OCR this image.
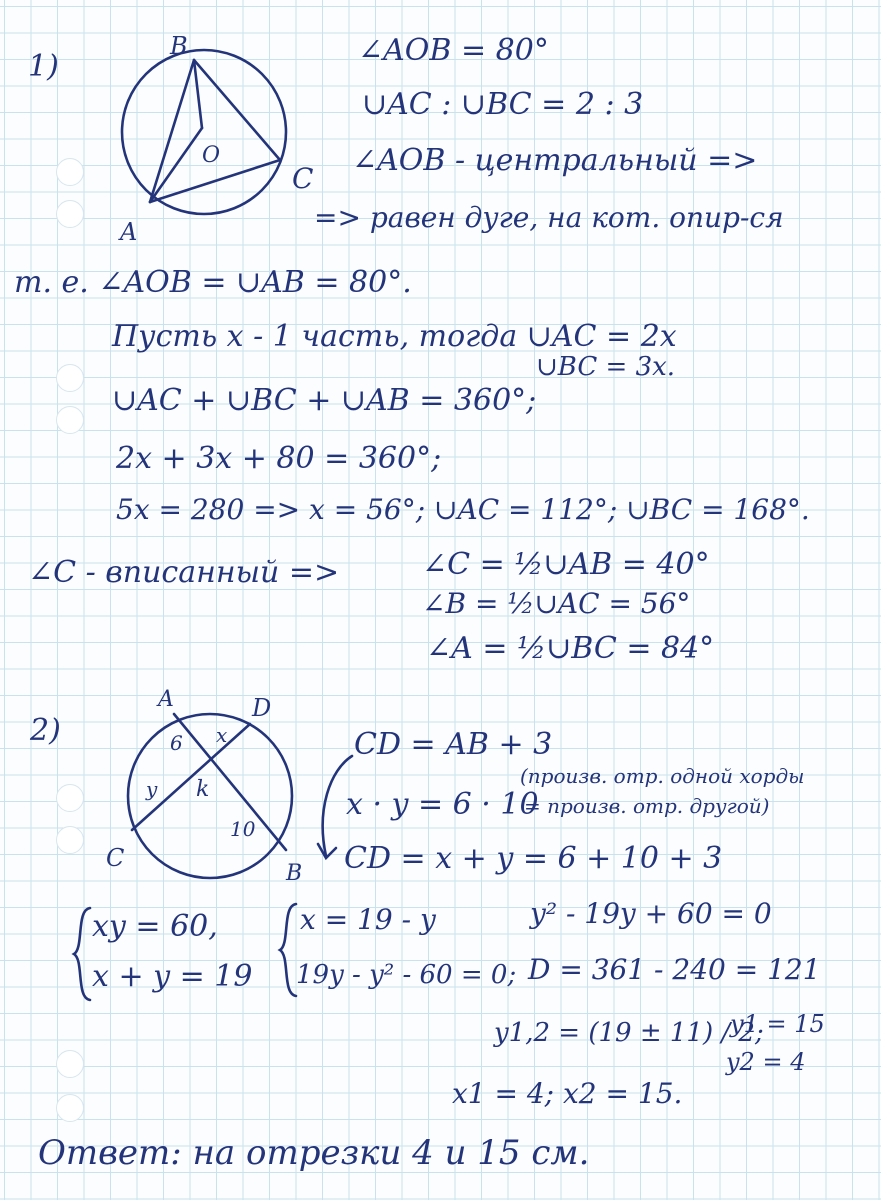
1)
B
C
A
O
∠AOB = 80°
∪AC : ∪BC = 2 : 3
∠AOB - центральный =>
=> равен дуге, на кот. опир-ся
т. е. ∠AOB = ∪AB = 80°.
Пусть x - 1 часть, тогда ∪AC = 2x
∪BC = 3x.
∪AC + ∪BC + ∪AB = 360°;
2x + 3x + 80 = 360°;
5x = 280 => x = 56°; ∪AC = 112°; ∪BC = 168°.
∠C - вписанный =>	∠C = ½∪AB = 40°
∠B = ½∪AC = 56°
∠A = ½∪BC = 84°
2)
A	D
x
6
y k
10
C
B
CD = AB + 3
x · y = 6 · 10
(произв. отр. одной хорды
= произв. отр. другой)
CD = x + y = 6 + 10 + 3
xy = 60,
x + y = 19
x = 19 - y
19y - y² - 60 = 0;
y² - 19y + 60 = 0
D = 361 - 240 = 121
y1,2 = (19 ± 11) / 2;
y1 = 15
y2 = 4
x1 = 4; x2 = 15.
Ответ: на отрезки 4 и 15 см.
